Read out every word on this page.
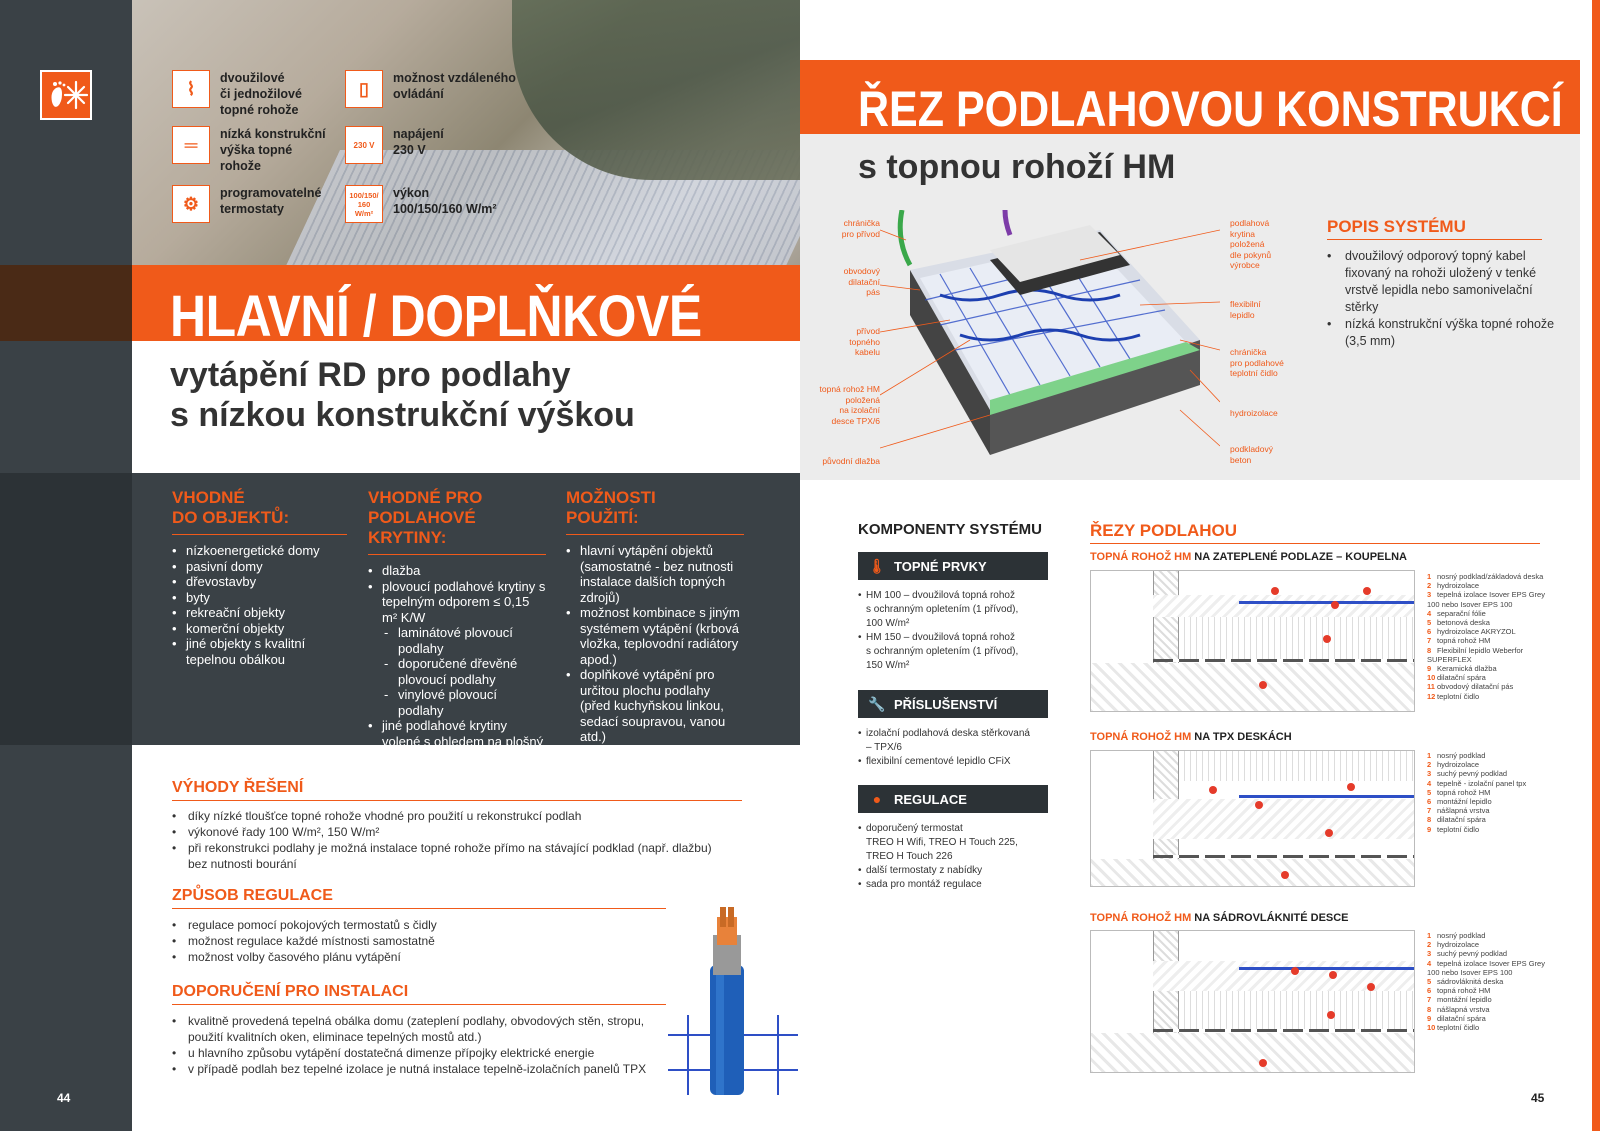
⌇
dvoužilové
či jednožilové
topné rohože
▯
možnost vzdáleného
ovládání
═
nízká konstrukční
výška topné
rohože
230 V
napájení
230 V
⚙
programovatelné
termostaty
100/150/
160
W/m²
výkon
100/150/160 W/m²
HLAVNÍ / DOPLŇKOVÉ
vytápění RD pro podlahy
s nízkou konstrukční výškou
VHODNÉ
DO OBJEKTŮ:
• nízkoenergetické domy
• pasivní domy
• dřevostavby
• byty
• rekreační objekty
• komerční objekty
• jiné objekty s kvalitní tepelnou obálkou
VHODNÉ PRO
PODLAHOVÉ KRYTINY:
• dlažba
• plovoucí podlahové krytiny s tepelným odporem ≤ 0,15 m² K/W
- laminátové plovoucí podlahy
- doporučené dřevěné plovoucí podlahy
- vinylové plovoucí podlahy
• jiné podlahové krytiny volené s ohledem na plošný tepelný výkon 100 – 160 W/m²
MOŽNOSTI
POUŽITÍ:
• hlavní vytápění objektů (samostatné - bez nutnosti instalace dalších topných zdrojů)
• možnost kombinace s jiným systémem vytápění (krbová vložka, teplovodní radiátory apod.)
• doplňkové vytápění pro určitou plochu podlahy (před kuchyňskou linkou, sedací soupravou, vanou atd.)
VÝHODY ŘEŠENÍ
• díky nízké tloušťce topné rohože vhodné pro použití u rekonstrukcí podlah
• výkonové řady 100 W/m², 150 W/m²
• při rekonstrukci podlahy je možná instalace topné rohože přímo na stávající podklad (např. dlažbu) bez nutnosti bourání
ZPŮSOB REGULACE
• regulace pomocí pokojových termostatů s čidly
• možnost regulace každé místnosti samostatně
• možnost volby časového plánu vytápění
DOPORUČENÍ PRO INSTALACI
• kvalitně provedená tepelná obálka domu (zateplení podlahy, obvodových stěn, stropu, použití kvalitních oken, eliminace tepelných mostů atd.)
• u hlavního způsobu vytápění dostatečná dimenze přípojky elektrické energie
• v případě podlah bez tepelné izolace je nutná instalace tepelně-izolačních panelů TPX
44
ŘEZ PODLAHOVOU KONSTRUKCÍ
s topnou rohoží HM
chránička
pro přívod
obvodový
dilatační
pás
přívod
topného
kabelu
topná rohož HM
položená
na izolační
desce TPX/6
původní dlažba
podlahová
krytina
položená
dle pokynů
výrobce
flexibilní
lepidlo
chránička
pro podlahové
teplotní čidlo
hydroizolace
podkladový
beton
POPIS SYSTÉMU
• dvoužilový odporový topný kabel fixovaný na rohoži uložený v tenké vrstvě lepidla nebo samonivelační stěrky
• nízká konstrukční výška topné rohože (3,5 mm)
KOMPONENTY SYSTÉMU
🌡 TOPNÉ PRVKY
• HM 100 – dvoužilová topná rohož
s ochranným opletením (1 přívod),
100 W/m²
• HM 150 – dvoužilová topná rohož
s ochranným opletením (1 přívod),
150 W/m²
🔧 PŘÍSLUŠENSTVÍ
• izolační podlahová deska stěrkovaná
– TPX/6
• flexibilní cementové lepidlo CFiX
● REGULACE
• doporučený termostat
TREO H Wifi, TREO H Touch 225,
TREO H Touch 226
• další termostaty z nabídky
• sada pro montáž regulace
ŘEZY PODLAHOU
TOPNÁ ROHOŽ HM NA ZATEPLENÉ PODLAZE – KOUPELNA
1 nosný podklad/základová deska
2 hydroizolace
3 tepelná izolace Isover EPS Grey
100 nebo Isover EPS 100
4 separační fólie
5 betonová deska
6 hydroizolace AKRYZOL
7 topná rohož HM
8 Flexibilní lepidlo Weberfor
SUPERFLEX
9 Keramická dlažba
10 dilatační spára
11 obvodový dilatační pás
12 teplotní čidlo
TOPNÁ ROHOŽ HM NA TPX DESKÁCH
1 nosný podklad
2 hydroizolace
3 suchý pevný podklad
4 tepelně - izolační panel tpx
5 topná rohož HM
6 montážní lepidlo
7 nášlapná vrstva
8 dilatační spára
9 teplotní čidlo
TOPNÁ ROHOŽ HM NA SÁDROVLÁKNITÉ DESCE
1 nosný podklad
2 hydroizolace
3 suchý pevný podklad
4 tepelná izolace Isover EPS Grey
100 nebo Isover EPS 100
5 sádrovláknitá deska
6 topná rohož HM
7 montážní lepidlo
8 nášlapná vrstva
9 dilatační spára
10 teplotní čidlo
45
